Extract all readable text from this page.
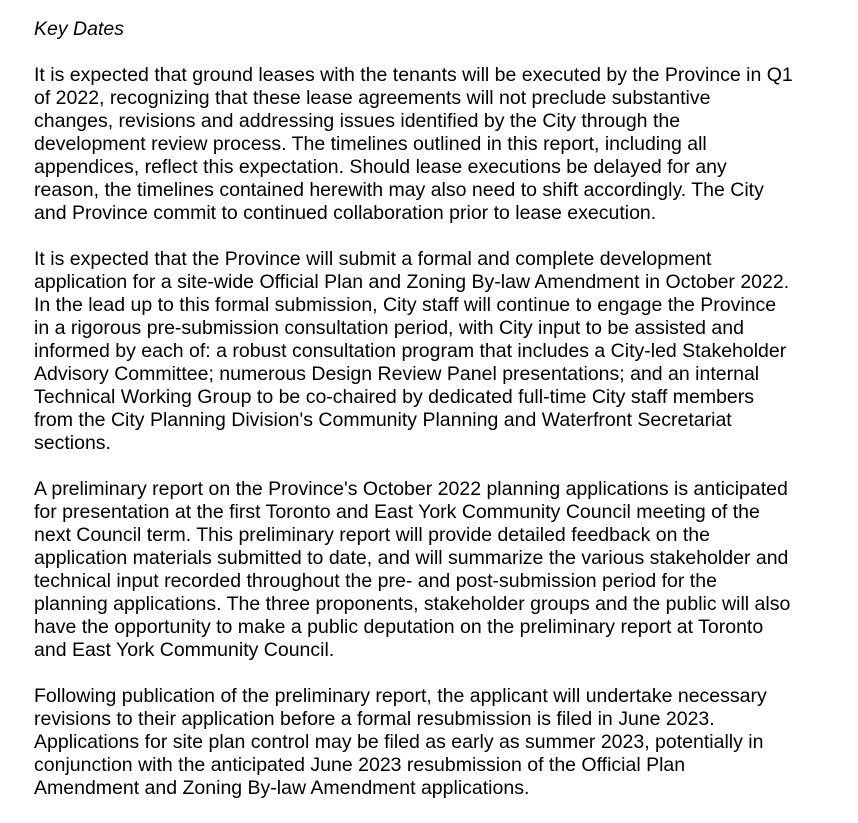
Key Dates
It is expected that ground leases with the tenants will be executed by the Province in Q1
of 2022, recognizing that these lease agreements will not preclude substantive
changes, revisions and addressing issues identified by the City through the
development review process. The timelines outlined in this report, including all
appendices, reflect this expectation. Should lease executions be delayed for any
reason, the timelines contained herewith may also need to shift accordingly. The City
and Province commit to continued collaboration prior to lease execution.
It is expected that the Province will submit a formal and complete development
application for a site-wide Official Plan and Zoning By-law Amendment in October 2022.
In the lead up to this formal submission, City staff will continue to engage the Province
in a rigorous pre-submission consultation period, with City input to be assisted and
informed by each of: a robust consultation program that includes a City-led Stakeholder
Advisory Committee; numerous Design Review Panel presentations; and an internal
Technical Working Group to be co-chaired by dedicated full-time City staff members
from the City Planning Division's Community Planning and Waterfront Secretariat
sections.
A preliminary report on the Province's October 2022 planning applications is anticipated
for presentation at the first Toronto and East York Community Council meeting of the
next Council term. This preliminary report will provide detailed feedback on the
application materials submitted to date, and will summarize the various stakeholder and
technical input recorded throughout the pre- and post-submission period for the
planning applications. The three proponents, stakeholder groups and the public will also
have the opportunity to make a public deputation on the preliminary report at Toronto
and East York Community Council.
Following publication of the preliminary report, the applicant will undertake necessary
revisions to their application before a formal resubmission is filed in June 2023.
Applications for site plan control may be filed as early as summer 2023, potentially in
conjunction with the anticipated June 2023 resubmission of the Official Plan
Amendment and Zoning By-law Amendment applications.
